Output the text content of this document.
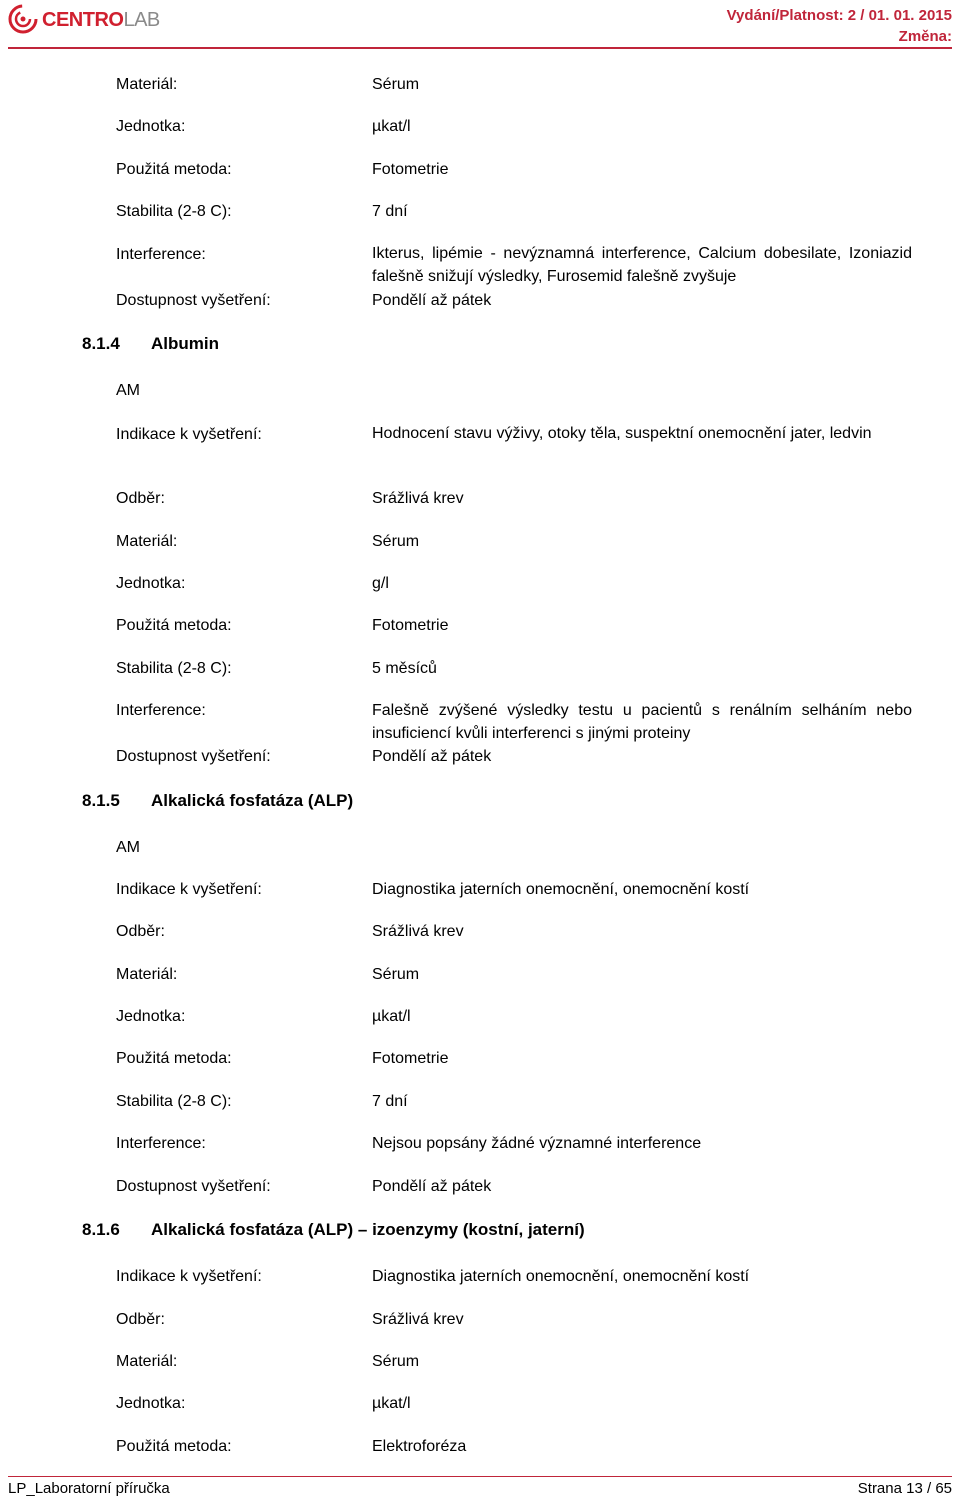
CENTROLAB	Vydání/Platnost: 2 / 01. 01. 2015
Změna:
Materiál:	Sérum
Jednotka:	µkat/l
Použitá metoda:	Fotometrie
Stabilita (2-8 C):	7 dní
Interference:	Ikterus, lipémie - nevýznamná interference, Calcium dobesilate, Izoniazid falešně snižují výsledky, Furosemid falešně zvyšuje
Dostupnost vyšetření:	Pondělí až pátek
8.1.4 Albumin
AM
Indikace k vyšetření:	Hodnocení stavu výživy, otoky těla, suspektní onemocnění jater, ledvin
Odběr:	Srážlivá krev
Materiál:	Sérum
Jednotka:	g/l
Použitá metoda:	Fotometrie
Stabilita (2-8 C):	5 měsíců
Interference:	Falešně zvýšené výsledky testu u pacientů s renálním selháním nebo insuficiencí kvůli interferenci s jinými proteiny
Dostupnost vyšetření:	Pondělí až pátek
8.1.5 Alkalická fosfatáza (ALP)
AM
Indikace k vyšetření:	Diagnostika jaterních onemocnění, onemocnění kostí
Odběr:	Srážlivá krev
Materiál:	Sérum
Jednotka:	µkat/l
Použitá metoda:	Fotometrie
Stabilita (2-8 C):	7 dní
Interference:	Nejsou popsány žádné významné interference
Dostupnost vyšetření:	Pondělí až pátek
8.1.6 Alkalická fosfatáza (ALP) – izoenzymy (kostní, jaterní)
Indikace k vyšetření:	Diagnostika jaterních onemocnění, onemocnění kostí
Odběr:	Srážlivá krev
Materiál:	Sérum
Jednotka:	µkat/l
Použitá metoda:	Elektroforéza
LP_Laboratorní příručka	Strana 13 / 65
